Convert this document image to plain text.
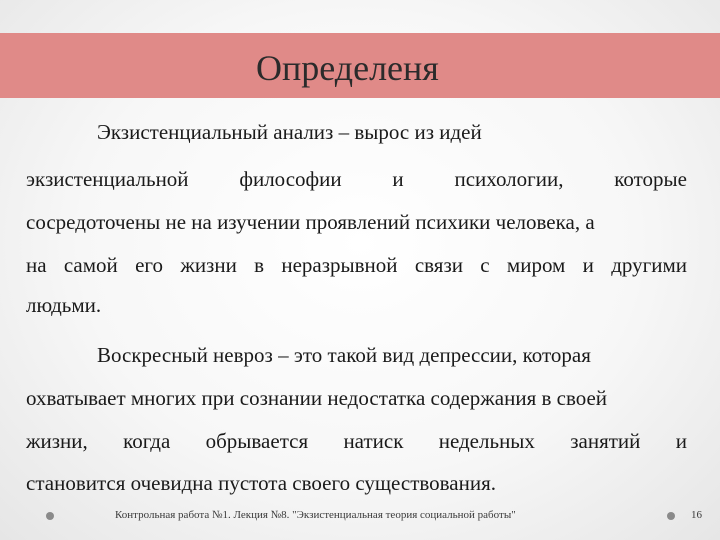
Определеня
Экзистенциальный анализ – вырос из идей
экзистенциальной философии и психологии, которые
сосредоточены не на изучении проявлений психики человека, а
на самой его жизни в неразрывной связи с миром и другими
людьми.
Воскресный невроз – это такой вид депрессии, которая
охватывает многих при сознании недостатка содержания в своей
жизни, когда обрывается натиск недельных занятий и
становится очевидна пустота своего существования.
Контрольная работа №1. Лекция №8. "Экзистенциальная теория социальной работы"	16
